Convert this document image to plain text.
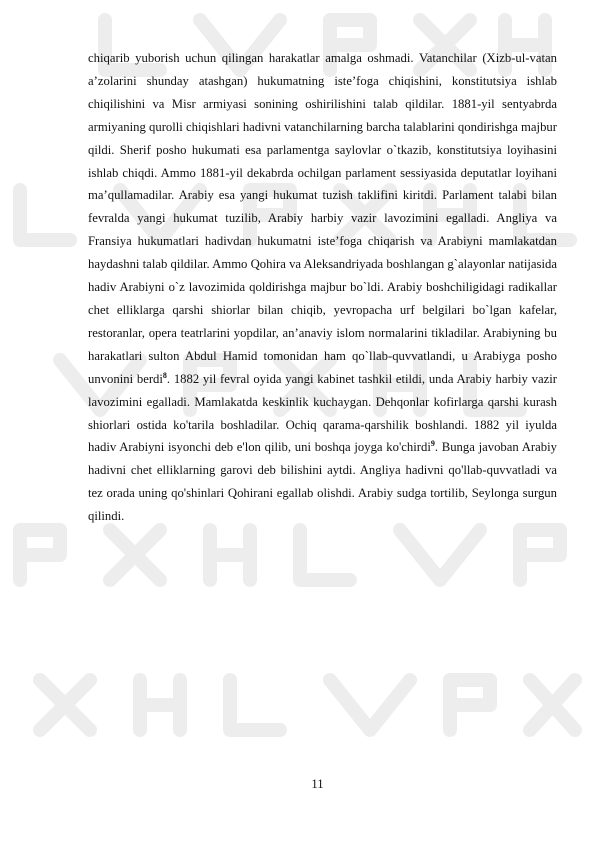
chiqarib yuborish uchun qilingan harakatlar amalga oshmadi. Vatanchilar (Xizb-ul-vatan a’zolarini shunday atashgan) hukumatning iste’foga chiqishini, konstitutsiya ishlab chiqilishini va Misr armiyasi sonining oshirilishini talab qildilar. 1881-yil sentyabrda armiyaning qurolli chiqishlari hadivni vatanchilarning barcha talablarini qondirishga majbur qildi. Sherif posho hukumati esa parlamentga saylovlar o`tkazib, konstitutsiya loyihasini ishlab chiqdi. Ammo 1881-yil dekabrda ochilgan parlament sessiyasida deputatlar loyihani ma’qullamadilar. Arabiy esa yangi hukumat tuzish taklifini kiritdi. Parlament talabi bilan fevralda yangi hukumat tuzilib, Arabiy harbiy vazir lavozimini egalladi. Angliya va Fransiya hukumatlari hadivdan hukumatni iste’foga chiqarish va Arabiyni mamlakatdan haydashni talab qildilar. Ammo Qohira va Aleksandriyada boshlangan g`alayonlar natijasida hadiv Arabiyni o`z lavozimida qoldirishga majbur bo`ldi. Arabiy boshchiligidagi radikallar chet elliklarga qarshi shiorlar bilan chiqib, yevropacha urf belgilari bo`lgan kafelar, restoranlar, opera teatrlarini yopdilar, an’anaviy islom normalarini tikladilar. Arabiyning bu harakatlari sulton Abdul Hamid tomonidan ham qo`llab-quvvatlandi, u Arabiyga posho unvonini berdi$^8$. 1882 yil fevral oyida yangi kabinet tashkil etildi, unda Arabiy harbiy vazir lavozimini egalladi. Mamlakatda keskinlik kuchaygan. Dehqonlar kofirlarga qarshi kurash shiorlari ostida ko'tarila boshladilar. Ochiq qarama-qarshilik boshlandi. 1882 yil iyulda hadiv Arabiyni isyonchi deb e'lon qilib, uni boshqa joyga ko'chirdi$^9$. Bunga javoban Arabiy hadivni chet elliklarning garovi deb bilishini aytdi. Angliya hadivni qo'llab-quvvatladi va tez orada uning qo'shinlari Qohirani egallab olishdi. Arabiy sudga tortilib, Seylonga surgun qilindi.

11
